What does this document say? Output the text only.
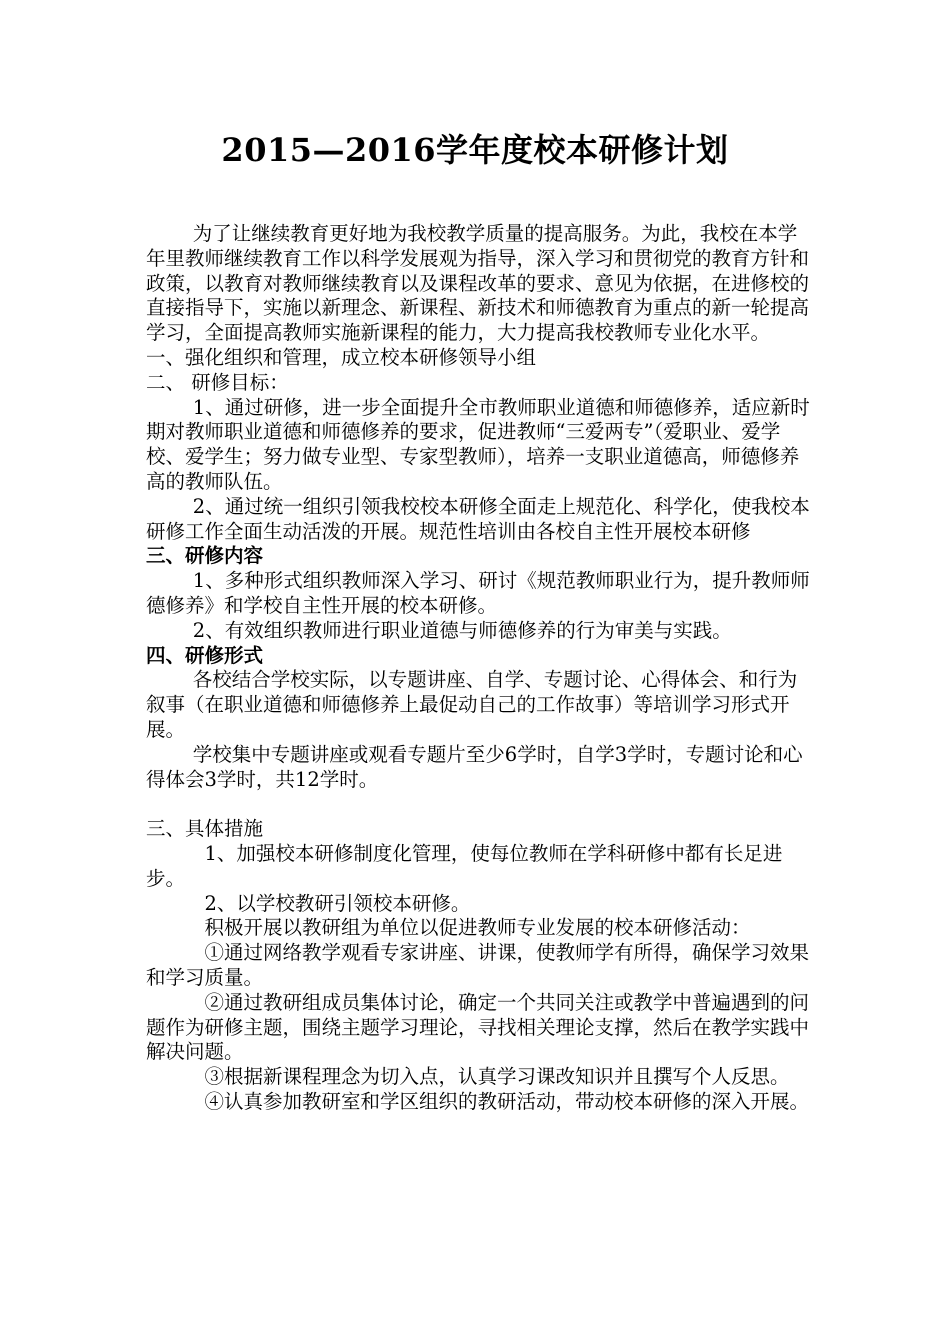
2015—2016学年度校本研修计划

为了让继续教育更好地为我校教学质量的提高服务。为此，我校在本学年里教师继续教育工作以科学发展观为指导，深入学习和贯彻党的教育方针和政策，以教育对教师继续教育以及课程改革的要求、意见为依据，在进修校的直接指导下，实施以新理念、新课程、新技术和师德教育为重点的新一轮提高学习，全面提高教师实施新课程的能力，大力提高我校教师专业化水平。

一、强化组织和管理，成立校本研修领导小组

二、 研修目标：

1、通过研修，进一步全面提升全市教师职业道德和师德修养，适应新时期对教师职业道德和师德修养的要求，促进教师“三爱两专”（爱职业、爱学校、爱学生；努力做专业型、专家型教师），培养一支职业道德高，师德修养高的教师队伍。

2、通过统一组织引领我校校本研修全面走上规范化、科学化，使我校本研修工作全面生动活泼的开展。规范性培训由各校自主性开展校本研修

三、研修内容

1、多种形式组织教师深入学习、研讨《规范教师职业行为，提升教师师德修养》和学校自主性开展的校本研修。

2、有效组织教师进行职业道德与师德修养的行为审美与实践。

四、研修形式

各校结合学校实际，以专题讲座、自学、专题讨论、心得体会、和行为叙事（在职业道德和师德修养上最促动自己的工作故事）等培训学习形式开展。

学校集中专题讲座或观看专题片至少6学时，自学3学时，专题讨论和心得体会3学时，共12学时。

三、具体措施

1、加强校本研修制度化管理，使每位教师在学科研修中都有长足进步。

2、以学校教研引领校本研修。

积极开展以教研组为单位以促进教师专业发展的校本研修活动：

①通过网络教学观看专家讲座、讲课，使教师学有所得，确保学习效果和学习质量。

②通过教研组成员集体讨论，确定一个共同关注或教学中普遍遇到的问题作为研修主题，围绕主题学习理论，寻找相关理论支撑，然后在教学实践中解决问题。

③根据新课程理念为切入点，认真学习课改知识并且撰写个人反思。

④认真参加教研室和学区组织的教研活动，带动校本研修的深入开展。
